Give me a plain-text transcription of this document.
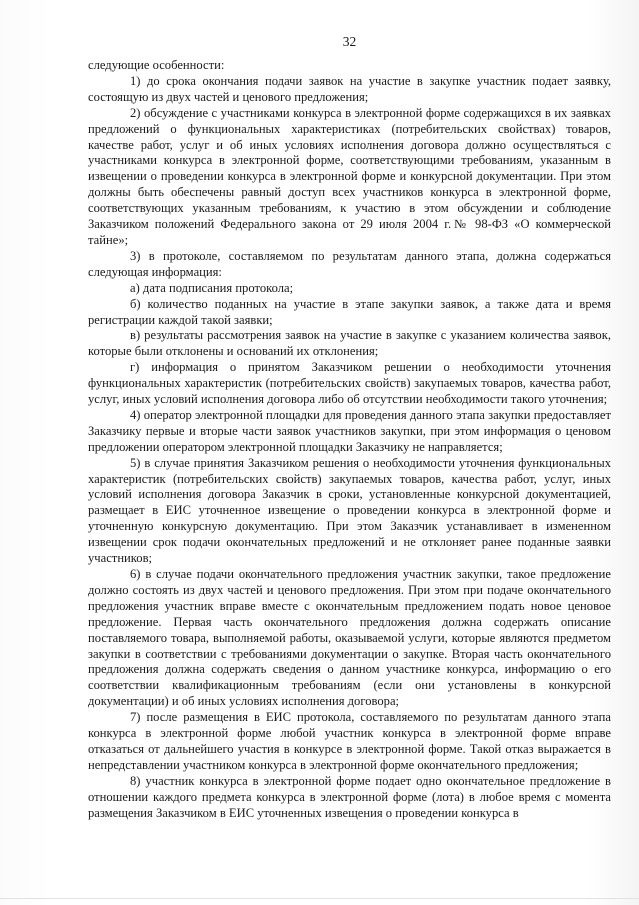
32

следующие особенности:

1) до срока окончания подачи заявок на участие в закупке участник подает заявку, состоящую из двух частей и ценового предложения;

2) обсуждение с участниками конкурса в электронной форме содержащихся в их заявках предложений о функциональных характеристиках (потребительских свойствах) товаров, качестве работ, услуг и об иных условиях исполнения договора должно осуществляться с участниками конкурса в электронной форме, соответствующими требованиям, указанным в извещении о проведении конкурса в электронной форме и конкурсной документации. При этом должны быть обеспечены равный доступ всех участников конкурса в электронной форме, соответствующих указанным требованиям, к участию в этом обсуждении и соблюдение Заказчиком положений Федерального закона от 29 июля 2004 г.№ 98-ФЗ «О коммерческой тайне»;

3) в протоколе, составляемом по результатам данного этапа, должна содержаться следующая информация:

а) дата подписания протокола;

б) количество поданных на участие в этапе закупки заявок, а также дата и время регистрации каждой такой заявки;

в) результаты рассмотрения заявок на участие в закупке с указанием количества заявок, которые были отклонены и оснований их отклонения;

г) информация о принятом Заказчиком решении о необходимости уточнения функциональных характеристик (потребительских свойств) закупаемых товаров, качества работ, услуг, иных условий исполнения договора либо об отсутствии необходимости такого уточнения;

4) оператор электронной площадки для проведения данного этапа закупки предоставляет Заказчику первые и вторые части заявок участников закупки, при этом информация о ценовом предложении оператором электронной площадки Заказчику не направляется;

5) в случае принятия Заказчиком решения о необходимости уточнения функциональных характеристик (потребительских свойств) закупаемых товаров, качества работ, услуг, иных условий исполнения договора Заказчик в сроки, установленные конкурсной документацией, размещает в ЕИС уточненное извещение о проведении конкурса в электронной форме и уточненную конкурсную документацию. При этом Заказчик устанавливает в измененном извещении срок подачи окончательных предложений и не отклоняет ранее поданные заявки участников;

6) в случае подачи окончательного предложения участник закупки, такое предложение должно состоять из двух частей и ценового предложения. При этом при подаче окончательного предложения участник вправе вместе с окончательным предложением подать новое ценовое предложение. Первая часть окончательного предложения должна содержать описание поставляемого товара, выполняемой работы, оказываемой услуги, которые являются предметом закупки в соответствии с требованиями документации о закупке. Вторая часть окончательного предложения должна содержать сведения о данном участнике конкурса, информацию о его соответствии квалификационным требованиям (если они установлены в конкурсной документации) и об иных условиях исполнения договора;

7) после размещения в ЕИС протокола, составляемого по результатам данного этапа конкурса в электронной форме любой участник конкурса в электронной форме вправе отказаться от дальнейшего участия в конкурсе в электронной форме. Такой отказ выражается в непредставлении участником конкурса в электронной форме окончательного предложения;

8) участник конкурса в электронной форме подает одно окончательное предложение в отношении каждого предмета конкурса в электронной форме (лота) в любое время с момента размещения Заказчиком в ЕИС уточненных извещения о проведении конкурса в
